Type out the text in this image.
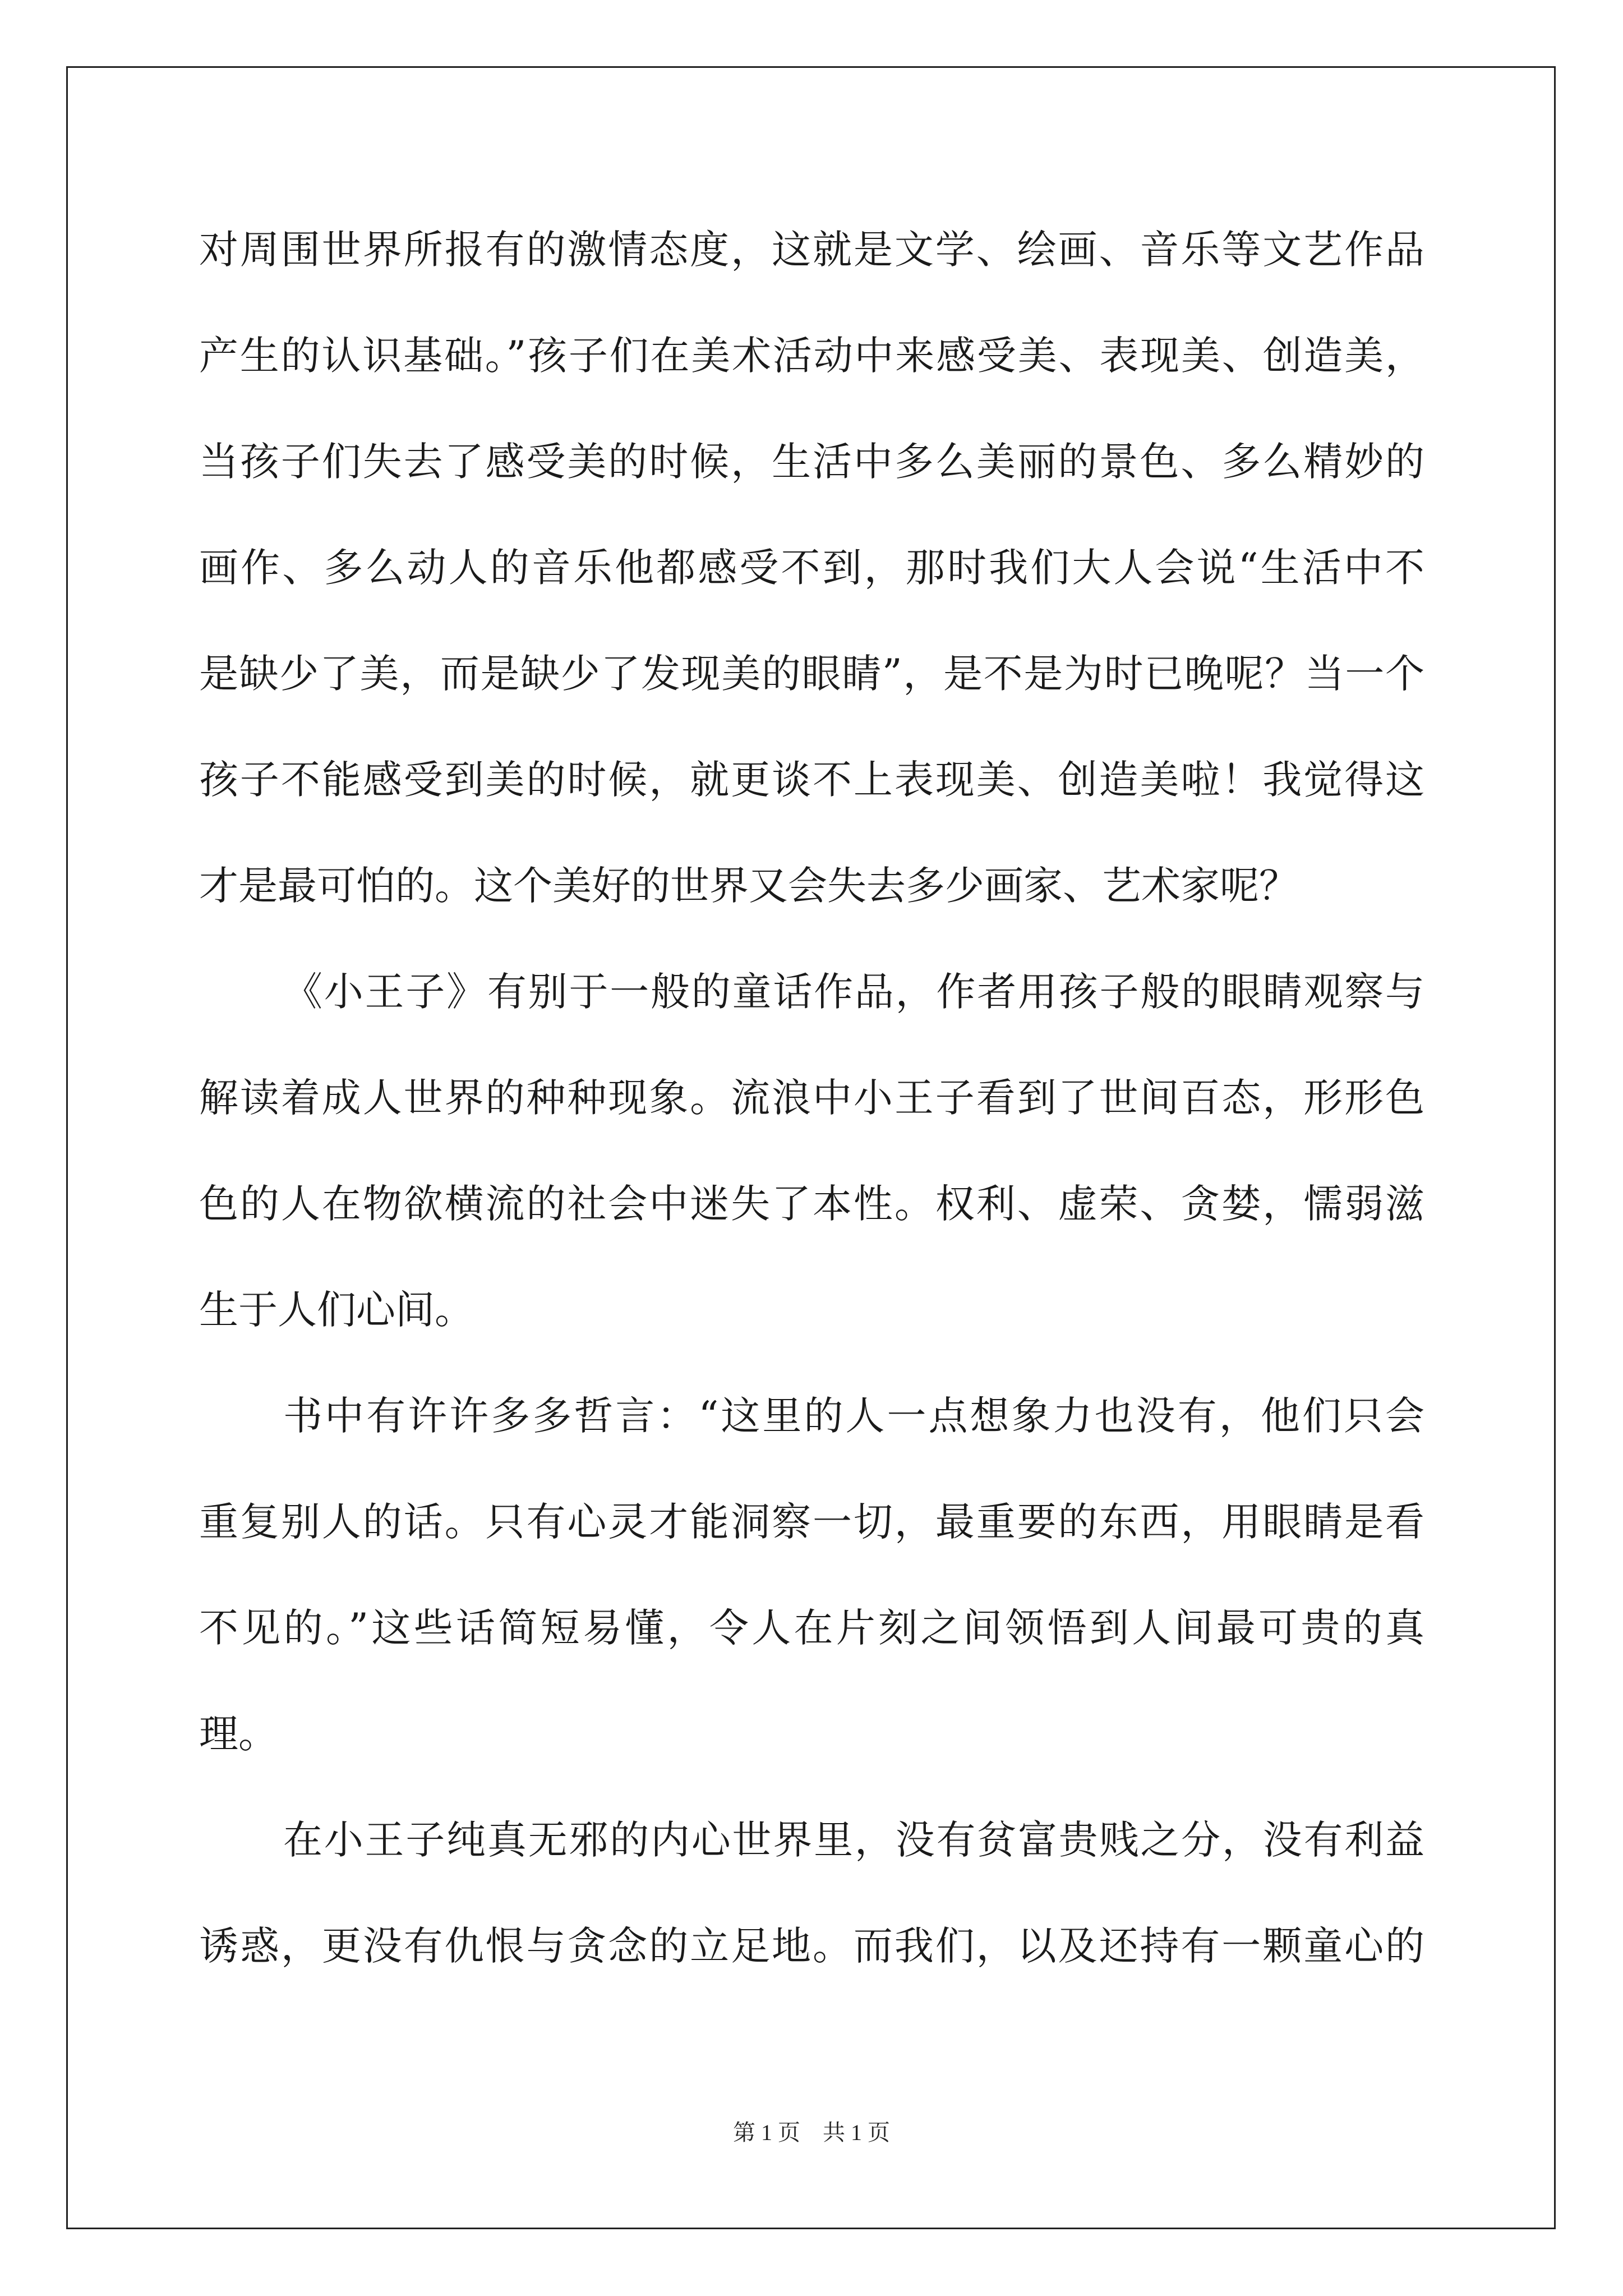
对周围世界所报有的激情态度，这就是文学、绘画、音乐等文艺作品
产生的认识基础。”孩子们在美术活动中来感受美、表现美、创造美，
当孩子们失去了感受美的时候，生活中多么美丽的景色、多么精妙的
画作、多么动人的音乐他都感受不到，那时我们大人会说“生活中不
是缺少了美，而是缺少了发现美的眼睛”，是不是为时已晚呢？当一个
孩子不能感受到美的时候，就更谈不上表现美、创造美啦！我觉得这
才是最可怕的。这个美好的世界又会失去多少画家、艺术家呢？
《小王子》有别于一般的童话作品，作者用孩子般的眼睛观察与
解读着成人世界的种种现象。流浪中小王子看到了世间百态，形形色
色的人在物欲横流的社会中迷失了本性。权利、虚荣、贪婪，懦弱滋
生于人们心间。
书中有许许多多哲言：“这里的人一点想象力也没有，他们只会
重复别人的话。只有心灵才能洞察一切，最重要的东西，用眼睛是看
不见的。”这些话简短易懂，令人在片刻之间领悟到人间最可贵的真
理。
在小王子纯真无邪的内心世界里，没有贫富贵贱之分，没有利益
诱惑，更没有仇恨与贪念的立足地。而我们，以及还持有一颗童心的
第 1 页　共 1 页
